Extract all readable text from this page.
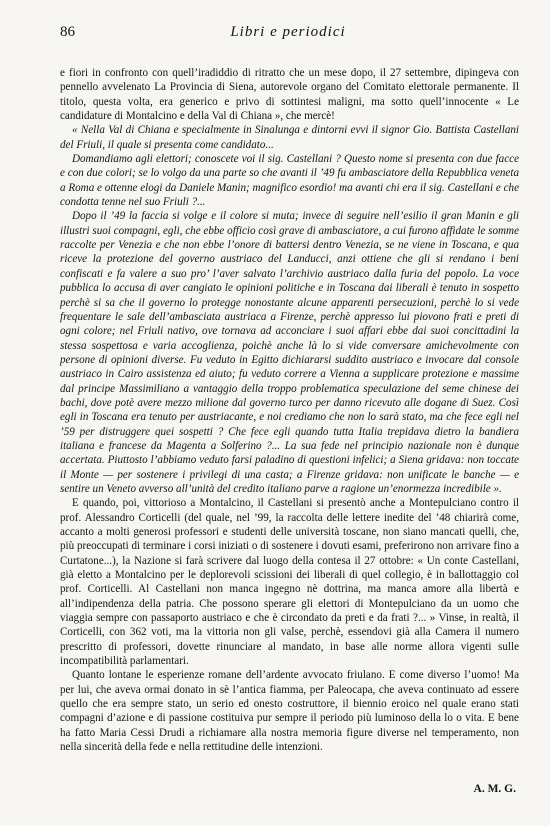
86	Libri e periodici

e fiori in confronto con quell’iradiddio di ritratto che un mese dopo, il 27 settembre, dipingeva con pennello avvelenato La Provincia di Siena, autorevole organo del Comitato elettorale permanente. Il titolo, questa volta, era generico e privo di sottintesi maligni, ma sotto quell’innocente « Le candidature di Montalcino e della Val di Chiana », che mercè!

« Nella Val di Chiana e specialmente in Sinalunga e dintorni evvi il signor Gio. Battista Castellani del Friuli, il quale si presenta come candidato...

Domandiamo agli elettori; conoscete voi il sig. Castellani ? Questo nome si presenta con due facce e con due colori; se lo volgo da una parte so che avanti il ’49 fu ambasciatore della Repubblica veneta a Roma e ottenne elogi da Daniele Manin; magnifico esordio! ma avanti chi era il sig. Castellani e che condotta tenne nel suo Friuli ?...

Dopo il ’49 la faccia si volge e il colore si muta; invece di seguire nell’esilio il gran Manin e gli illustri suoi compagni, egli, che ebbe officio così grave di ambasciatore, a cui furono affidate le somme raccolte per Venezia e che non ebbe l’onore di battersi dentro Venezia, se ne viene in Toscana, e qua riceve la protezione del governo austriaco del Landucci, anzi ottiene che gli si rendano i beni confiscati e fa valere a suo pro’ l’aver salvato l’archivio austriaco dalla furia del popolo. La voce pubblica lo accusa di aver cangiato le opinioni politiche e in Toscana dai liberali è tenuto in sospetto perchè si sa che il governo lo protegge nonostante alcune apparenti persecuzioni, perchè lo si vede frequentare le sale dell’ambasciata austriaca a Firenze, perchè appresso lui piovono frati e preti di ogni colore; nel Friuli nativo, ove tornava ad acconciare i suoi affari ebbe dai suoi concittadini la stessa sospettosa e varia accoglienza, poichè anche là lo si vide conversare amichevolmente con persone di opinioni diverse. Fu veduto in Egitto dichiararsi suddito austriaco e invocare dal console austriaco in Cairo assistenza ed aiuto; fu veduto correre a Vienna a supplicare protezione e massime dal principe Massimiliano a vantaggio della troppo problematica speculazione del seme chinese dei bachi, dove potè avere mezzo milione dal governo turco per danno ricevuto alle dogane di Suez. Così egli in Toscana era tenuto per austriacante, e noi crediamo che non lo sarà stato, ma che fece egli nel ’59 per distruggere quei sospetti ? Che fece egli quando tutta Italia trepidava dietro la bandiera italiana e francese da Magenta a Solferino ?... La sua fede nel principio nazionale non è dunque accertata. Piuttosto l’abbiamo veduto farsi paladino di questioni infelici; a Siena gridava: non toccate il Monte — per sostenere i privilegi di una casta; a Firenze gridava: non unificate le banche — e sentire un Veneto avverso all’unità del credito italiano parve a ragione un’enormezza incredibile ».

E quando, poi, vittorioso a Montalcino, il Castellani si presentò anche a Montepulciano contro il prof. Alessandro Corticelli (del quale, nel ’99, la raccolta delle lettere inedite del ’48 chiarirà come, accanto a molti generosi professori e studenti delle università toscane, non siano mancati quelli, che, più preoccupati di terminare i corsi iniziati o di sostenere i dovuti esami, preferirono non arrivare fino a Curtatone...), la Nazione si farà scrivere dal luogo della contesa il 27 ottobre: « Un conte Castellani, già eletto a Montalcino per le deplorevoli scissioni dei liberali di quel collegio, è in ballottaggio col prof. Corticelli. Al Castellani non manca ingegno nè dottrina, ma manca amore alla libertà e all’indipendenza della patria. Che possono sperare gli elettori di Montepulciano da un uomo che viaggia sempre con passaporto austriaco e che è circondato da preti e da frati ?... » Vinse, in realtà, il Corticelli, con 362 voti, ma la vittoria non gli valse, perchè, essendovi già alla Camera il numero prescritto di professori, dovette rinunciare al mandato, in base alle norme allora vigenti sulle incompatibilità parlamentari.

Quanto lontane le esperienze romane dell’ardente avvocato friulano. E come diverso l’uomo! Ma per lui, che aveva ormai donato in sè l’antica fiamma, per Paleocapa, che aveva continuato ad essere quello che era sempre stato, un serio ed onesto costruttore, il biennio eroico nel quale erano stati compagni d’azione e di passione costituiva pur sempre il periodo più luminoso della lo o vita. E bene ha fatto Maria Cessi Drudi a richiamare alla nostra memoria figure diverse nel temperamento, non nella sincerità della fede e nella rettitudine delle intenzioni.

A. M. G.
